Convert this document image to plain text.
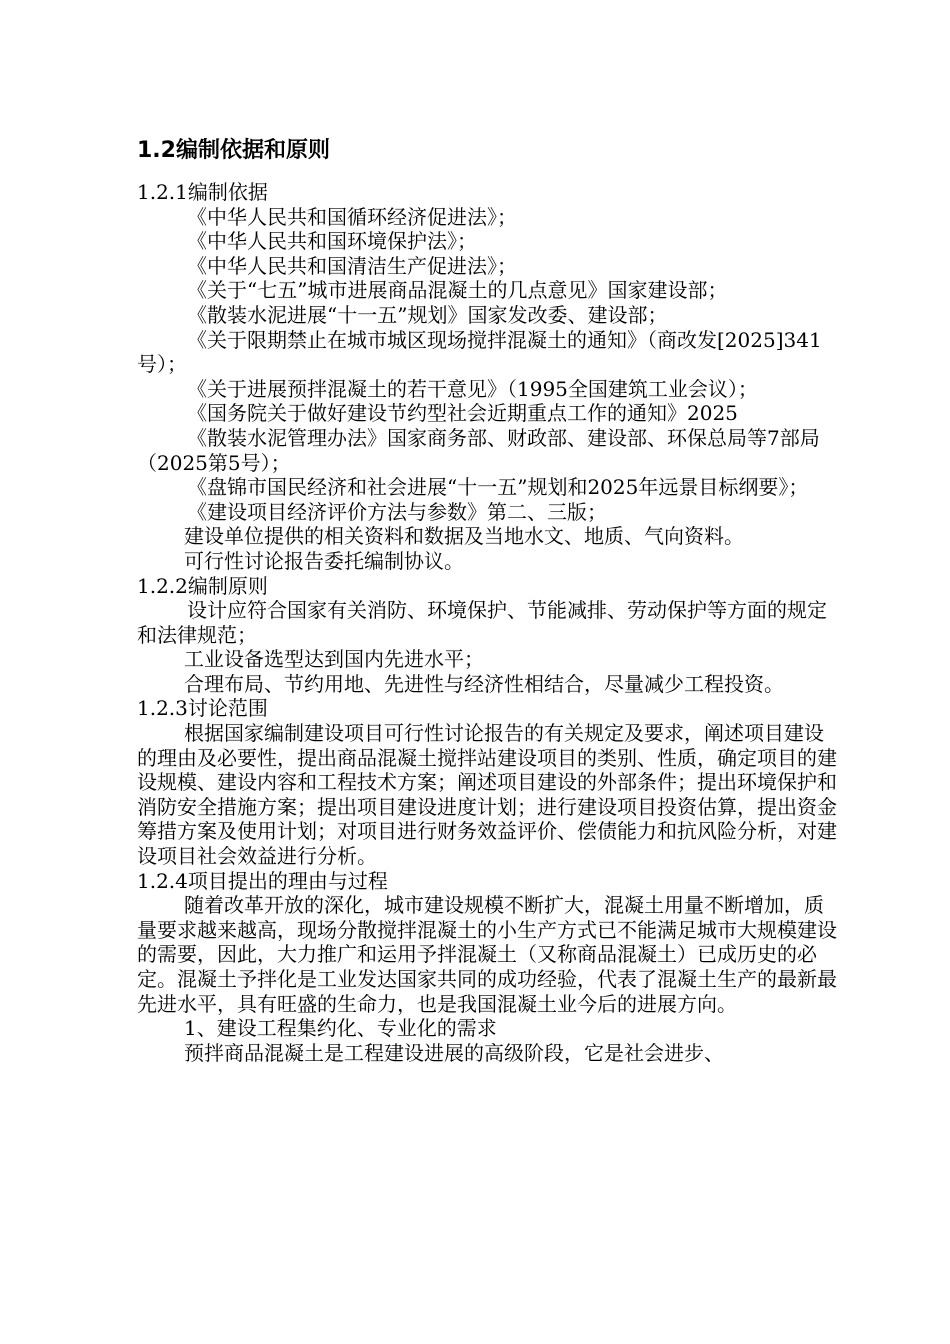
1.2编制依据和原则

1.2.1编制依据

《中华人民共和国循环经济促进法》；

《中华人民共和国环境保护法》；

《中华人民共和国清洁生产促进法》；

《关于“七五”城市进展商品混凝土的几点意见》国家建设部；

《散装水泥进展“十一五”规划》国家发改委、建设部；

《关于限期禁止在城市城区现场搅拌混凝土的通知》（商改发[2025]341号）；

《关于进展预拌混凝土的若干意见》（1995全国建筑工业会议）；

《国务院关于做好建设节约型社会近期重点工作的通知》2025

《散装水泥管理办法》国家商务部、财政部、建设部、环保总局等7部局（2025第5号）；

《盘锦市国民经济和社会进展“十一五”规划和2025年远景目标纲要》；

《建设项目经济评价方法与参数》第二、三版；

建设单位提供的相关资料和数据及当地水文、地质、气向资料。

可行性讨论报告委托编制协议。

1.2.2编制原则

设计应符合国家有关消防、环境保护、节能减排、劳动保护等方面的规定和法律规范；

工业设备选型达到国内先进水平；

合理布局、节约用地、先进性与经济性相结合，尽量减少工程投资。

1.2.3讨论范围

根据国家编制建设项目可行性讨论报告的有关规定及要求，阐述项目建设的理由及必要性，提出商品混凝土搅拌站建设项目的类别、性质，确定项目的建设规模、建设内容和工程技术方案；阐述项目建设的外部条件；提出环境保护和消防安全措施方案；提出项目建设进度计划；进行建设项目投资估算，提出资金筹措方案及使用计划；对项目进行财务效益评价、偿债能力和抗风险分析，对建设项目社会效益进行分析。

1.2.4项目提出的理由与过程

随着改革开放的深化，城市建设规模不断扩大，混凝土用量不断增加，质量要求越来越高，现场分散搅拌混凝土的小生产方式已不能满足城市大规模建设的需要，因此，大力推广和运用予拌混凝土（又称商品混凝土）已成历史的必定。混凝土予拌化是工业发达国家共同的成功经验，代表了混凝土生产的最新最先进水平，具有旺盛的生命力，也是我国混凝土业今后的进展方向。

1、建设工程集约化、专业化的需求

预拌商品混凝土是工程建设进展的高级阶段，它是社会进步、
